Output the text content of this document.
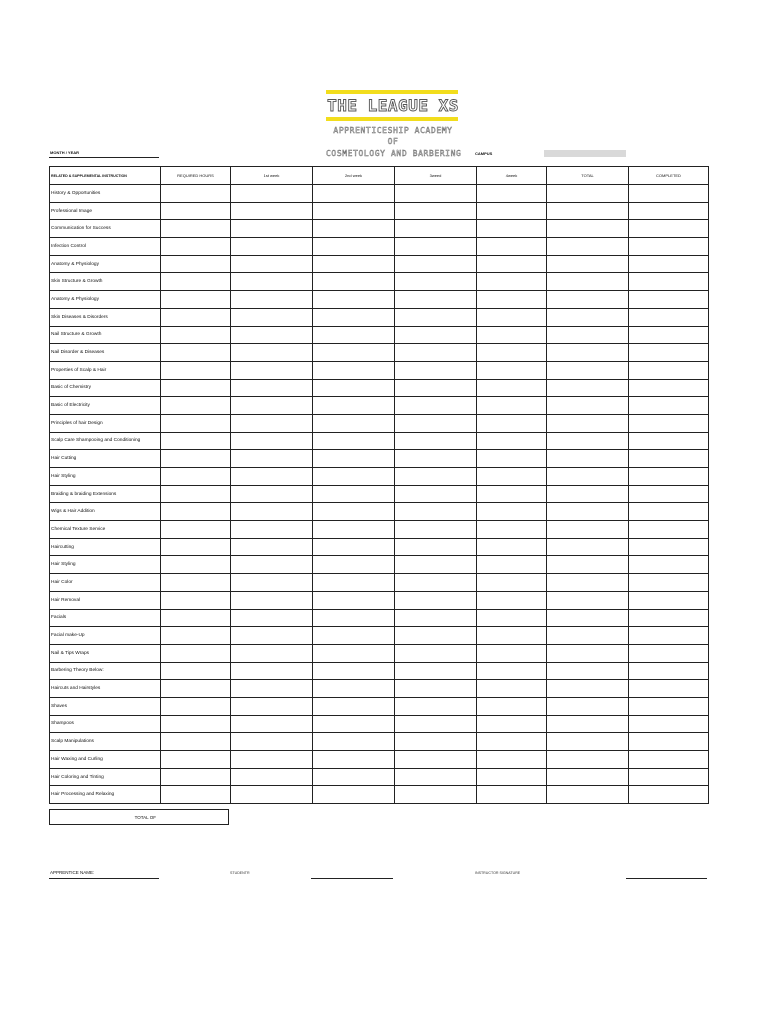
THE LEAGUE XS
APPRENTICESHIP ACADEMY
OF
COSMETOLOGY AND BARBERING
MONTH / YEAR	CAMPUS
RELATED & SUPPLEMENTAL INSTRUCTION	REQUIRED HOURS	1st week	2nd week	3weed	4week	TOTAL	COMPLETED
History & Opportunities							
Professional Image							
Communication for Success							
Infection Control							
Anatomy & Physiology							
Skin Structure & Growth							
Anatomy & Physiology							
Skin Diseases & Disorders							
Nail Structure & Growth							
Nail Disorder & Diseases							
Properties of Scalp & Hair							
Basic of Chemistry							
Basic of Electricity							
Principles of hair Design							
Scalp Care Shampooing and Conditioning							
Hair Cutting							
Hair Styling							
Braiding & braiding Extensions							
Wigs & Hair Addition							
Chemical Texture Service							
Haircutting							
Hair Styling							
Hair Color							
Hair Removal							
Facials							
Facial make-Up							
Nail & Tips Wraps							
Barbering Theory Below:							
Haircuts and Hairstyles							
Shaves							
Shampoos							
Scalp Manipulations							
Hair Waxing and Curling							
Hair Coloring and Tinting							
Hair Processing and Relaxing							
TOTAL OF
APPRENTICE NAME:	STUDENTR	INSTRUCTOR SIGNATURE
